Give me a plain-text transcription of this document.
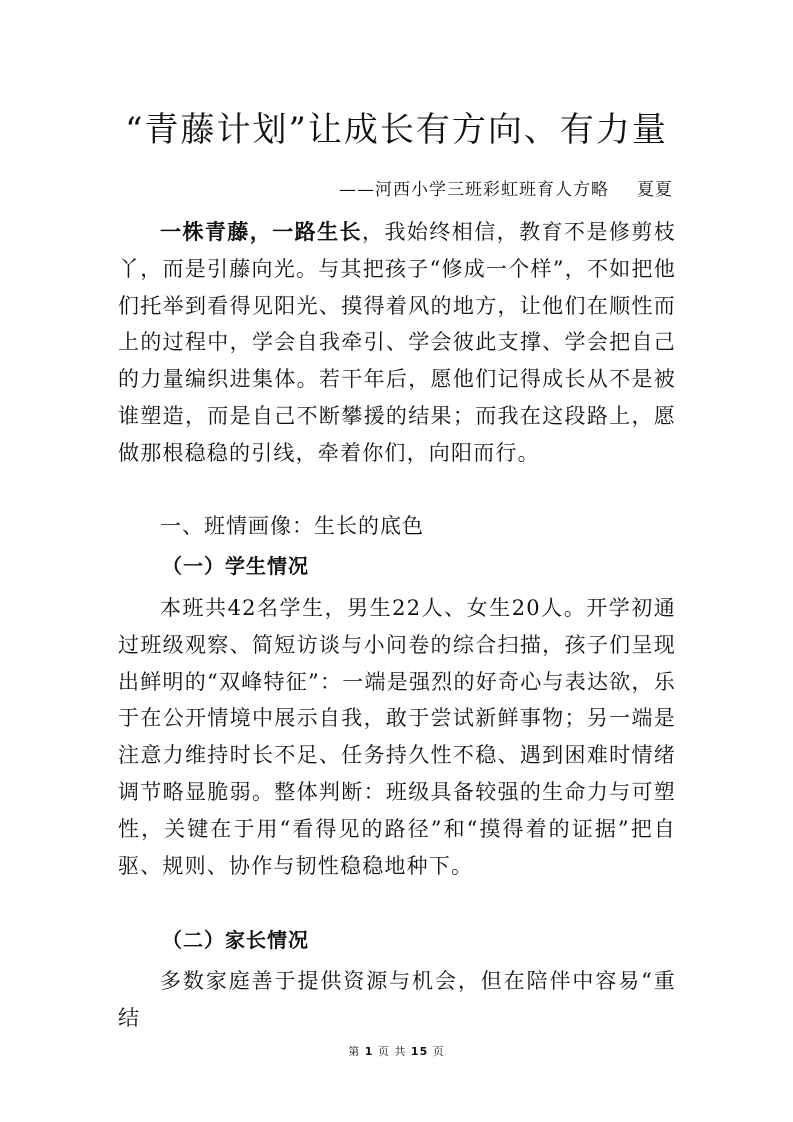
“青藤计划”让成长有方向、有力量
——河西小学三班彩虹班育人方略 夏夏
一株青藤，一路生长，我始终相信，教育不是修剪枝丫，而是引藤向光。与其把孩子“修成一个样”，不如把他们托举到看得见阳光、摸得着风的地方，让他们在顺性而上的过程中，学会自我牵引、学会彼此支撑、学会把自己的力量编织进集体。若干年后，愿他们记得成长从不是被谁塑造，而是自己不断攀援的结果；而我在这段路上，愿做那根稳稳的引线，牵着你们，向阳而行。
一、班情画像：生长的底色
（一）学生情况
本班共42名学生，男生22人、女生20人。开学初通过班级观察、简短访谈与小问卷的综合扫描，孩子们呈现出鲜明的“双峰特征”：一端是强烈的好奇心与表达欲，乐于在公开情境中展示自我，敢于尝试新鲜事物；另一端是注意力维持时长不足、任务持久性不稳、遇到困难时情绪调节略显脆弱。整体判断：班级具备较强的生命力与可塑性，关键在于用“看得见的路径”和“摸得着的证据”把自驱、规则、协作与韧性稳稳地种下。
（二）家长情况
多数家庭善于提供资源与机会，但在陪伴中容易“重结
第 1 页 共 15 页
